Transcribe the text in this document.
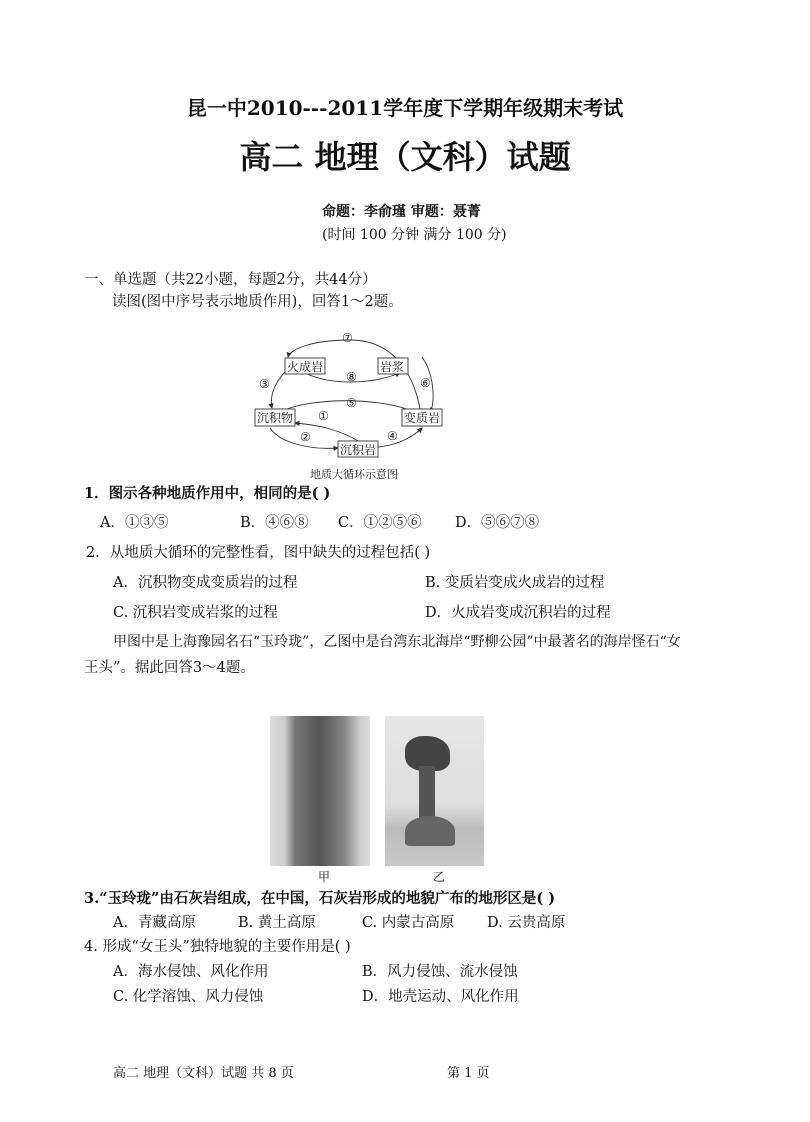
昆一中2010---2011学年度下学期年级期末考试
高二 地理（文科）试题
命题：李俞瑾 审题：聂菁
(时间 100 分钟 满分 100 分)
一、单选题（共22小题，每题2分，共44分）
读图(图中序号表示地质作用)，回答1～2题。
火成岩	岩浆
沉积物	变质岩
沉积岩
①
②
③
④
⑤
⑥
⑦
⑧
地质大循环示意图
1．图示各种地质作用中，相同的是( )
A．①③⑤	B．④⑥⑧ C．①②⑤⑥ D．⑤⑥⑦⑧
2．从地质大循环的完整性看，图中缺失的过程包括( )
A．沉积物变成变质岩的过程	B. 变质岩变成火成岩的过程
C. 沉积岩变成岩浆的过程	D．火成岩变成沉积岩的过程
甲图中是上海豫园名石“玉玲珑”，乙图中是台湾东北海岸“野柳公园”中最著名的海岸怪石“女
王头”。据此回答3～4题。
甲	乙
3.“玉玲珑”由石灰岩组成，在中国，石灰岩形成的地貌广布的地形区是( )
A．青藏高原	B. 黄土高原	C. 内蒙古高原 D. 云贵高原
4. 形成“女王头”独特地貌的主要作用是( )
A．海水侵蚀、风化作用	B．风力侵蚀、流水侵蚀
C. 化学溶蚀、风力侵蚀	D．地壳运动、风化作用
高二 地理（文科）试题 共 8 页	第 1 页
